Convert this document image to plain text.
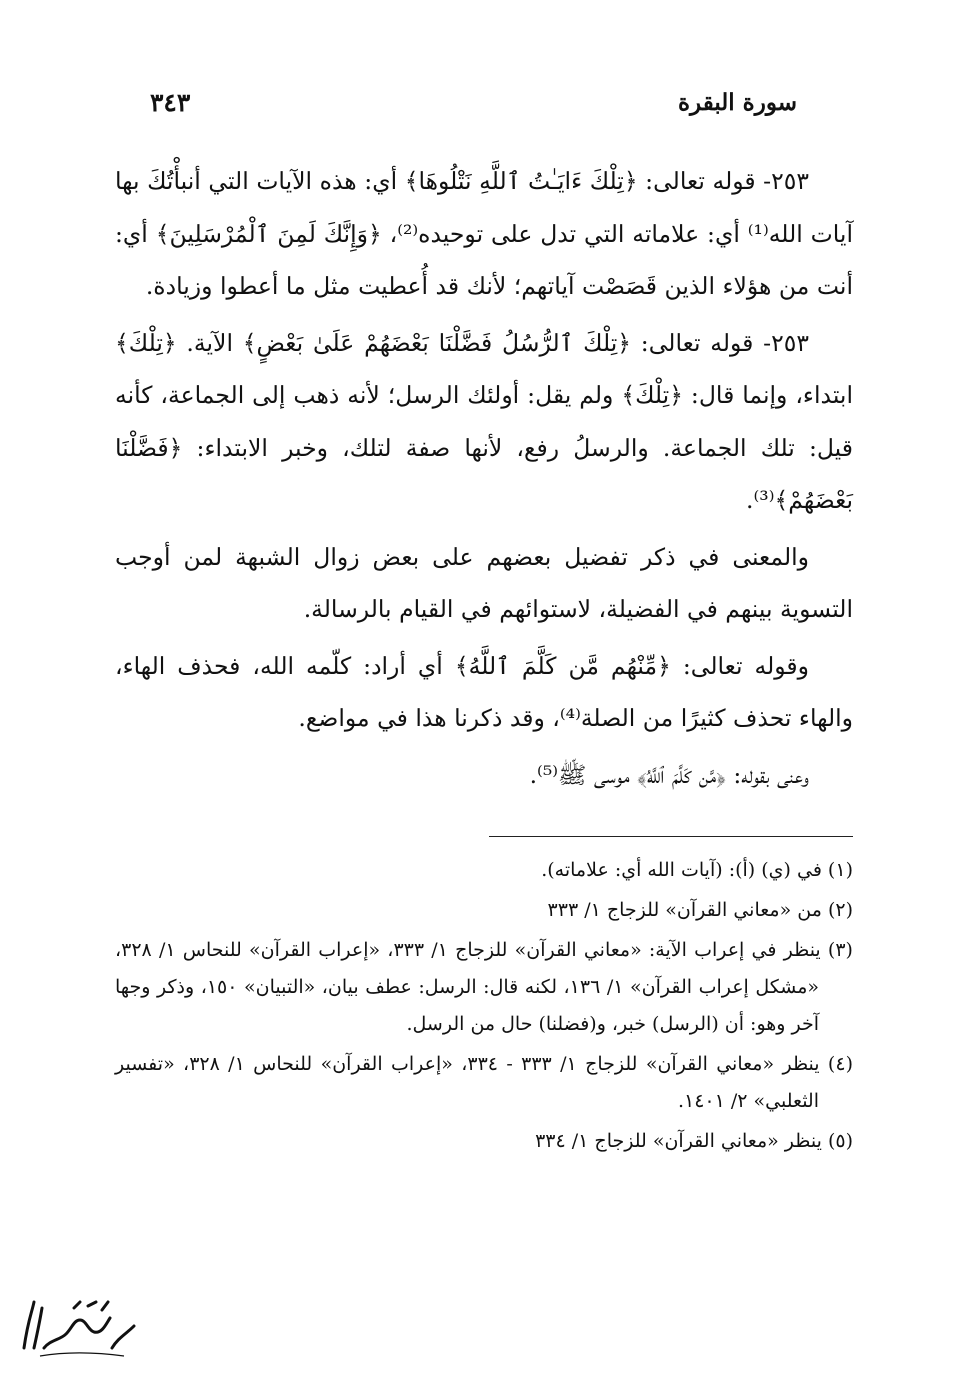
سورة البقرة
٣٤٣

٢٥٣- قوله تعالى: ﴿تِلْكَ ءَايَـٰتُ ٱللَّهِ نَتْلُوهَا﴾ أي: هذه الآيات التي أنبأْتُكَ بها آيات الله⁽¹⁾ أي: علاماته التي تدل على توحيده⁽²⁾، ﴿وَإِنَّكَ لَمِنَ ٱلْمُرْسَلِينَ﴾ أي: أنت من هؤلاء الذين قَصَصْت آياتهم؛ لأنك قد أُعطيت مثل ما أعطوا وزيادة.

٢٥٣- قوله تعالى: ﴿تِلْكَ ٱلرُّسُلُ فَضَّلْنَا بَعْضَهُمْ عَلَىٰ بَعْضٍ﴾ الآية. ﴿تِلْكَ﴾ ابتداء، وإنما قال: ﴿تِلْكَ﴾ ولم يقل: أولئك الرسل؛ لأنه ذهب إلى الجماعة، كأنه قيل: تلك الجماعة. والرسلُ رفع، لأنها صفة لتلك، وخبر الابتداء: ﴿فَضَّلْنَا بَعْضَهُمْ﴾⁽³⁾.

والمعنى في ذكر تفضيل بعضهم على بعض زوال الشبهة لمن أوجب التسوية بينهم في الفضيلة، لاستوائهم في القيام بالرسالة.

وقوله تعالى: ﴿مِّنْهُم مَّن كَلَّمَ ٱللَّهُ﴾ أي أراد: كلّمه الله، فحذف الهاء، والهاء تحذف كثيرًا من الصلة⁽⁴⁾، وقد ذكرنا هذا في مواضع.

وعنى بقوله: ﴿مَّن كَلَّمَ ٱللَّهُ﴾ موسى ﷺ⁽⁵⁾.

(١) في (ي) (أ): (آيات الله أي: علاماته).

(٢) من «معاني القرآن» للزجاج ١/ ٣٣٣

(٣) ينظر في إعراب الآية: «معاني القرآن» للزجاج ١/ ٣٣٣، «إعراب القرآن» للنحاس ١/ ٣٢٨، «مشكل إعراب القرآن» ١/ ١٣٦، لكنه قال: الرسل: عطف بيان، «التبيان» ١٥٠، وذكر وجها آخر وهو: أن (الرسل) خبر، و(فضلنا) حال من الرسل.

(٤) ينظر «معاني القرآن» للزجاج ١/ ٣٣٣ - ٣٣٤، «إعراب القرآن» للنحاس ١/ ٣٢٨، «تفسير الثعلبي» ٢/ ١٤٠١.

(٥) ينظر «معاني القرآن» للزجاج ١/ ٣٣٤
